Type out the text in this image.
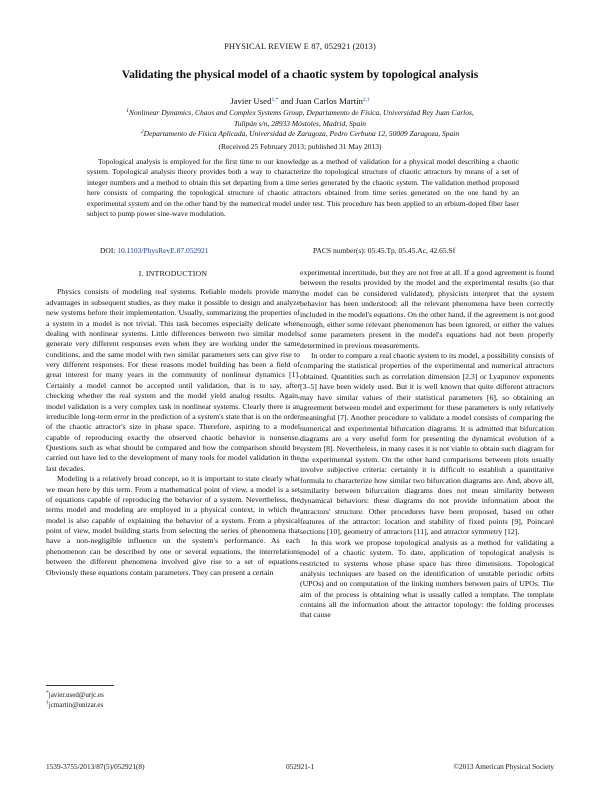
PHYSICAL REVIEW E 87, 052921 (2013)
Validating the physical model of a chaotic system by topological analysis
Javier Used$^{1,*}$ and Juan Carlos Martín$^{2,\dagger}$
$^1$Nonlinear Dynamics, Chaos and Complex Systems Group, Departamento de Física, Universidad Rey Juan Carlos,
Tulipán s/n, 28933 Móstoles, Madrid, Spain
$^2$Departamento de Física Aplicada, Universidad de Zaragoza, Pedro Cerbuna 12, 50009 Zaragoza, Spain
(Received 25 February 2013; published 31 May 2013)
Topological analysis is employed for the first time to our knowledge as a method of validation for a physical model describing a chaotic system. Topological analysis theory provides both a way to characterize the topological structure of chaotic attractors by means of a set of integer numbers and a method to obtain this set departing from a time series generated by the chaotic system. The validation method proposed here consists of comparing the topological structure of chaotic attractors obtained from time series generated on the one hand by an experimental system and on the other hand by the numerical model under test. This procedure has been applied to an erbium-doped fiber laser subject to pump power sine-wave modulation.
DOI: 10.1103/PhysRevE.87.052921	PACS number(s): 05.45.Tp, 05.45.Ac, 42.65.Sf
I. INTRODUCTION

Physics consists of modeling real systems. Reliable models provide many advantages in subsequent studies, as they make it possible to design and analyze new systems before their implementation. Usually, summarizing the properties of a system in a model is not trivial. This task becomes especially delicate when dealing with nonlinear systems. Little differences between two similar models generate very different responses even when they are working under the same conditions, and the same model with two similar parameters sets can give rise to very different responses. For these reasons model building has been a field of great interest for many years in the community of nonlinear dynamics [1]. Certainly a model cannot be accepted until validation, that is to say, after checking whether the real system and the model yield analog results. Again, model validation is a very complex task in nonlinear systems. Clearly there is an irreducible long-term error in the prediction of a system's state that is on the order of the chaotic attractor's size in phase space. Therefore, aspiring to a model capable of reproducing exactly the observed chaotic behavior is nonsense. Questions such as what should be compared and how the comparison should be carried out have led to the development of many tools for model validation in the last decades.

Modeling is a relatively broad concept, so it is important to state clearly what we mean here by this term. From a mathematical point of view, a model is a set of equations capable of reproducing the behavior of a system. Nevertheless, the terms model and modeling are employed in a physical context, in which the model is also capable of explaining the behavior of a system. From a physical point of view, model building starts from selecting the series of phenomena that have a non-negligible influence on the system's performance. As each phenomenon can be described by one or several equations, the interrelations between the different phenomena involved give rise to a set of equations. Obviously these equations contain parameters. They can present a certain

experimental incertitude, but they are not free at all. If a good agreement is found between the results provided by the model and the experimental results (so that the model can be considered validated), physicists interpret that the system behavior has been understood: all the relevant phenomena have been correctly included in the model's equations. On the other hand, if the agreement is not good enough, either some relevant phenomenon has been ignored, or either the values of some parameters present in the model's equations had not been properly determined in previous measurements.

In order to compare a real chaotic system to its model, a possibility consists of comparing the statistical properties of the experimental and numerical attractors obtained. Quantities such as correlation dimension [2,3] or Lyapunov exponents [3–5] have been widely used. But it is well known that quite different attractors may have similar values of their statistical parameters [6], so obtaining an agreement between model and experiment for these parameters is only relatively meaningful [7]. Another procedure to validate a model consists of comparing the numerical and experimental bifurcation diagrams. It is admitted that bifurcation diagrams are a very useful form for presenting the dynamical evolution of a system [8]. Nevertheless, in many cases it is not viable to obtain such diagram for the experimental system. On the other hand comparisons between plots usually involve subjective criteria: certainly it is difficult to establish a quantitative formula to characterize how similar two bifurcation diagrams are. And, above all, similarity between bifurcation diagrams does not mean similarity between dynamical behaviors: these diagrams do not provide information about the attractors' structure. Other procedures have been proposed, based on other features of the attractor: location and stability of fixed points [9], Poincaré sections [10], geometry of attractors [11], and attractor symmetry [12].

In this work we propose topological analysis as a method for validating a model of a chaotic system. To date, application of topological analysis is restricted to systems whose phase space has three dimensions. Topological analysis techniques are based on the identification of unstable periodic orbits (UPOs) and on computation of the linking numbers between pairs of UPOs. The aim of the process is obtaining what is usually called a template. The template contains all the information about the attractor topology: the folding processes that cause

*javier.used@urjc.es
†jcmartin@unizar.es
1539-3755/2013/87(5)/052921(8)	052921-1	©2013 American Physical Society
